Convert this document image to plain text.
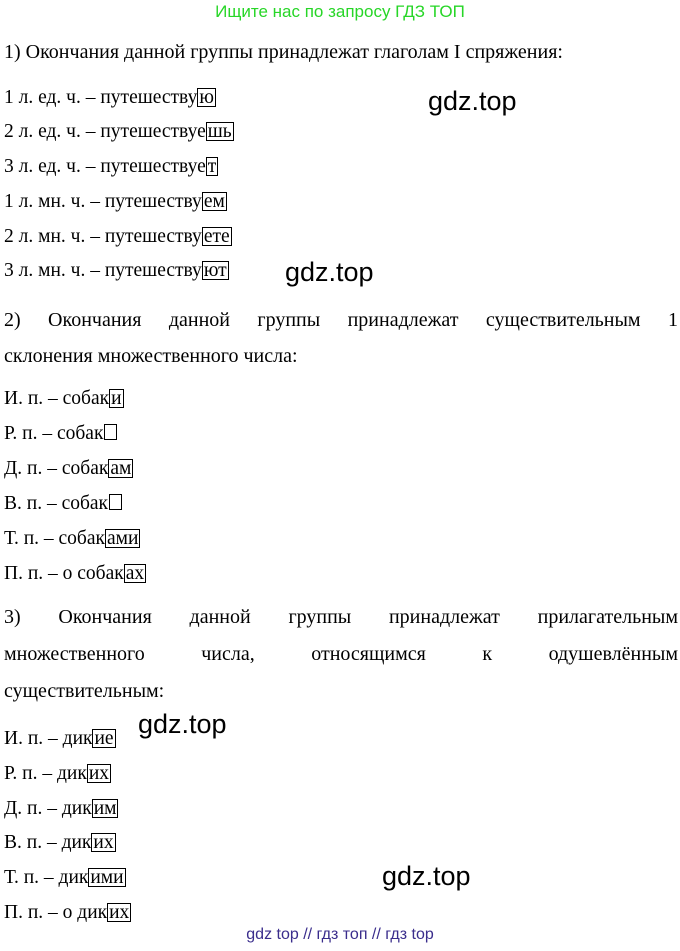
Ищите нас по запросу ГДЗ ТОП
1) Окончания данной группы принадлежат глаголам I спряжения:
1 л. ед. ч. – путешеству ю
2 л. ед. ч. – путешествуе шь
3 л. ед. ч. – путешествуе т
1 л. мн. ч. – путешеству ем
2 л. мн. ч. – путешеству ете
3 л. мн. ч. – путешеству ют
2) Окончания данной группы принадлежат существительным 1
склонения множественного числа:
И. п. – собак и
Р. п. – собак
Д. п. – собак ам
В. п. – собак
Т. п. – собак ами
П. п. – о собак ах
3) Окончания данной группы принадлежат прилагательным
множественного числа, относящимся к одушевлённым
существительным:
И. п. – дик ие
Р. п. – дик их
Д. п. – дик им
В. п. – дик их
Т. п. – дик ими
П. п. – о дик их
gdz.top
gdz.top
gdz.top
gdz.top
gdz top // гдз топ // гдз top
